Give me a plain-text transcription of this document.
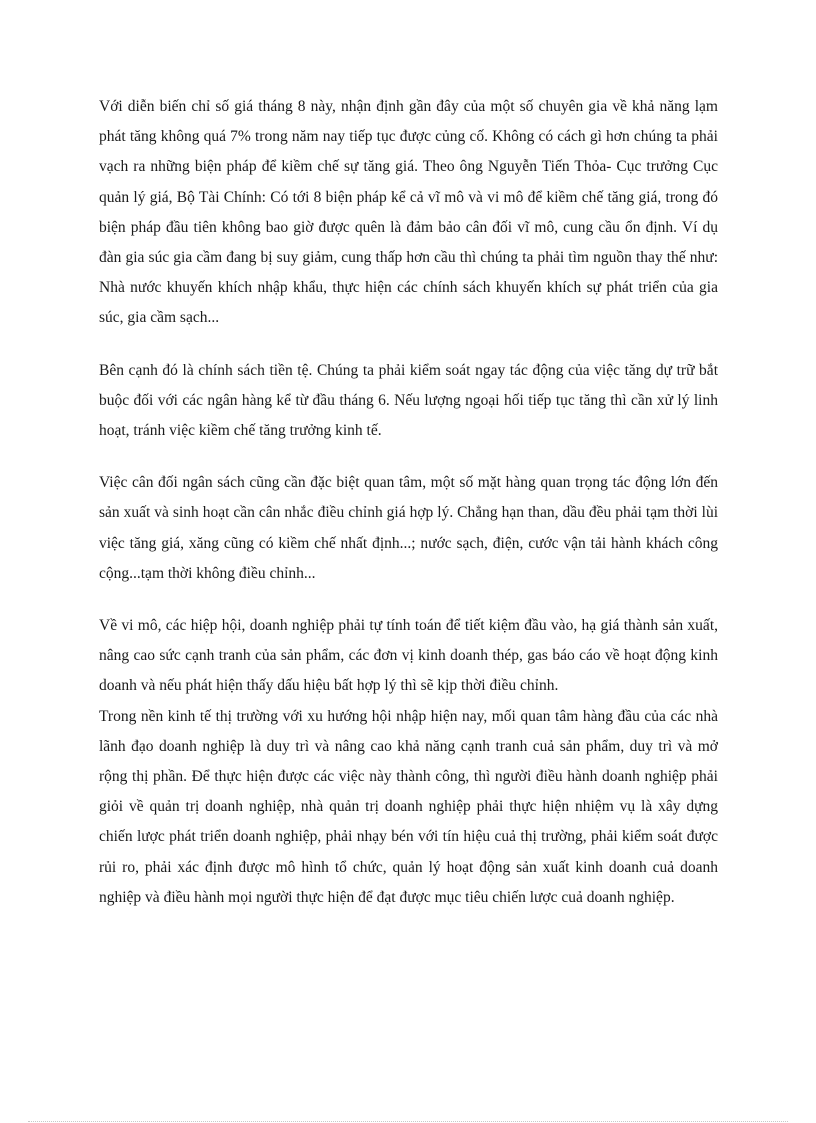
Với diễn biến chỉ số giá tháng 8 này, nhận định gần đây của một số chuyên gia về khả năng lạm phát tăng không quá 7% trong năm nay tiếp tục được củng cố. Không có cách gì hơn chúng ta phải vạch ra những biện pháp để kiềm chế sự tăng giá. Theo ông Nguyễn Tiến Thỏa- Cục trưởng Cục quản lý giá, Bộ Tài Chính: Có tới 8 biện pháp kể cả vĩ mô và vi mô để kiềm chế tăng giá, trong đó biện pháp đầu tiên không bao giờ được quên là đảm bảo cân đối vĩ mô, cung cầu ổn định. Ví dụ đàn gia súc gia cầm đang bị suy giảm, cung thấp hơn cầu thì chúng ta phải tìm nguồn thay thế như: Nhà nước khuyến khích nhập khẩu, thực hiện các chính sách khuyến khích sự phát triển của gia súc, gia cầm sạch...

Bên cạnh đó là chính sách tiền tệ. Chúng ta phải kiểm soát ngay tác động của việc tăng dự trữ bắt buộc đối với các ngân hàng kể từ đầu tháng 6. Nếu lượng ngoại hối tiếp tục tăng thì cần xử lý linh hoạt, tránh việc kiềm chế tăng trưởng kinh tế.

Việc cân đối ngân sách cũng cần đặc biệt quan tâm, một số mặt hàng quan trọng tác động lớn đến sản xuất và sinh hoạt cần cân nhắc điều chỉnh giá hợp lý. Chẳng hạn than, dầu đều phải tạm thời lùi việc tăng giá, xăng cũng có kiềm chế nhất định...; nước sạch, điện, cước vận tải hành khách công cộng...tạm thời không điều chỉnh...

Về vi mô, các hiệp hội, doanh nghiệp phải tự tính toán để tiết kiệm đầu vào, hạ giá thành sản xuất, nâng cao sức cạnh tranh của sản phẩm, các đơn vị kinh doanh thép, gas báo cáo về hoạt động kinh doanh và nếu phát hiện thấy dấu hiệu bất hợp lý thì sẽ kịp thời điều chỉnh.

Trong nền kinh tế thị trường với xu hướng hội nhập hiện nay, mối quan tâm hàng đầu của các nhà lãnh đạo doanh nghiệp là duy trì và nâng cao khả năng cạnh tranh cuả sản phẩm, duy trì và mở rộng thị phần. Để thực hiện được các việc này thành công, thì người điều hành doanh nghiệp phải giỏi về quản trị doanh nghiệp, nhà quản trị doanh nghiệp phải thực hiện nhiệm vụ là xây dựng chiến lược phát triển doanh nghiệp, phải nhạy bén với tín hiệu cuả thị trường, phải kiểm soát được rủi ro, phải xác định được mô hình tổ chức, quản lý hoạt động sản xuất kinh doanh cuả doanh nghiệp và điều hành mọi người thực hiện để đạt được mục tiêu chiến lược cuả doanh nghiệp.
